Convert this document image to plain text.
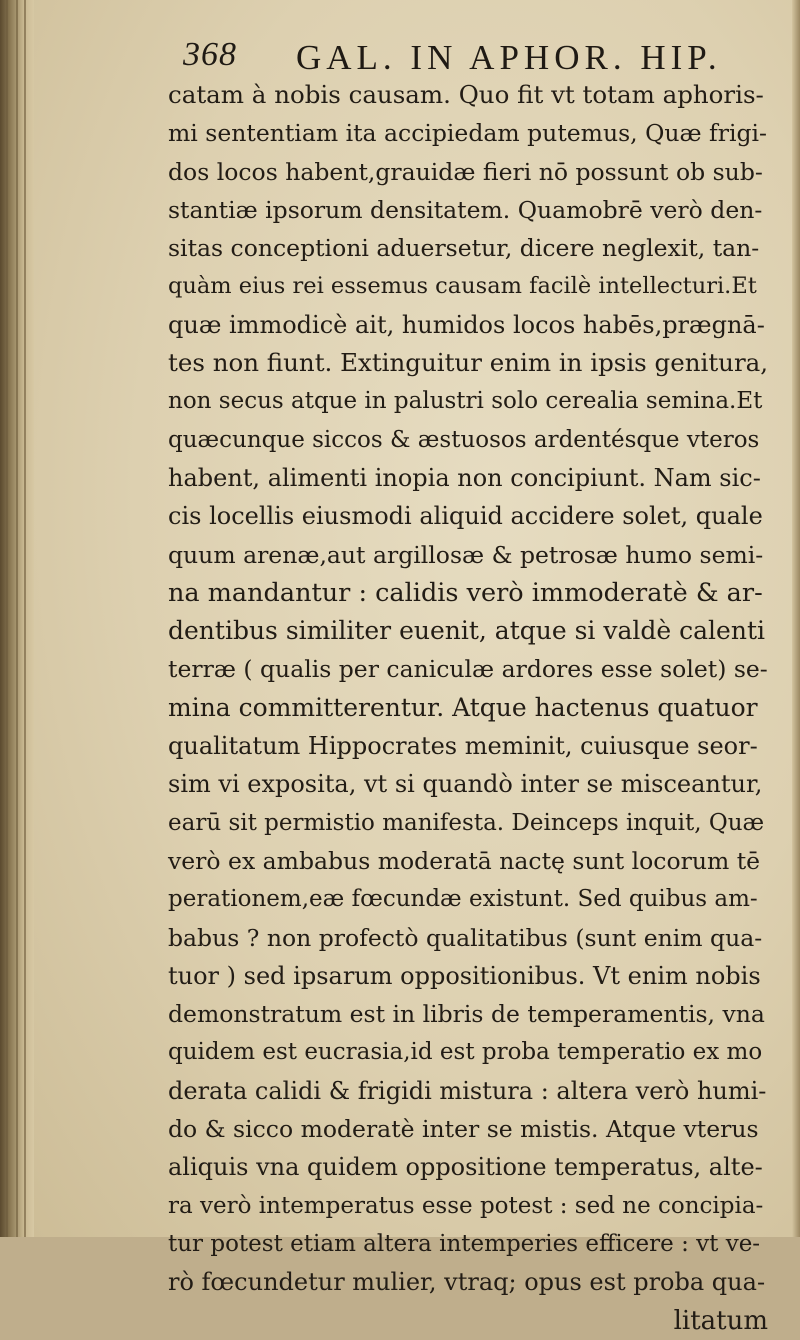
368 GAL. IN APHOR. HIP.
catam à nobis causam. Quo fit vt totam aphoris-
mi sententiam ita accipiedam putemus, Quæ frigi-
dos locos habent,grauidæ fieri nō possunt ob sub-
stantiæ ipsorum densitatem. Quamobrē verò den-
sitas conceptioni aduersetur, dicere neglexit, tan-
quàm eius rei essemus causam facilè intellecturi.Et
quæ immodicè ait, humidos locos habēs,prægnā-
tes non fiunt. Extinguitur enim in ipsis genitura,
non secus atque in palustri solo cerealia semina.Et
quæcunque siccos & æstuosos ardentésque vteros
habent, alimenti inopia non concipiunt. Nam sic-
cis locellis eiusmodi aliquid accidere solet, quale
quum arenæ,aut argillosæ & petrosæ humo semi-
na mandantur : calidis verò immoderatè & ar-
dentibus similiter euenit, atque si valdè calenti
terræ ( qualis per caniculæ ardores esse solet) se-
mina committerentur. Atque hactenus quatuor
qualitatum Hippocrates meminit, cuiusque seor-
sim vi exposita, vt si quandò inter se misceantur,
earū sit permistio manifesta. Deinceps inquit, Quæ
verò ex ambabus moderatā nactę sunt locorum tē
perationem,eæ fœcundæ existunt. Sed quibus am-
babus ? non profectò qualitatibus (sunt enim qua-
tuor ) sed ipsarum oppositionibus. Vt enim nobis
demonstratum est in libris de temperamentis, vna
quidem est eucrasia,id est proba temperatio ex mo
derata calidi & frigidi mistura : altera verò humi-
do & sicco moderatè inter se mistis. Atque vterus
aliquis vna quidem oppositione temperatus, alte-
ra verò intemperatus esse potest : sed ne concipia-
tur potest etiam altera intemperies efficere : vt ve-
rò fœcundetur mulier, vtraq; opus est proba qua-
litatum
